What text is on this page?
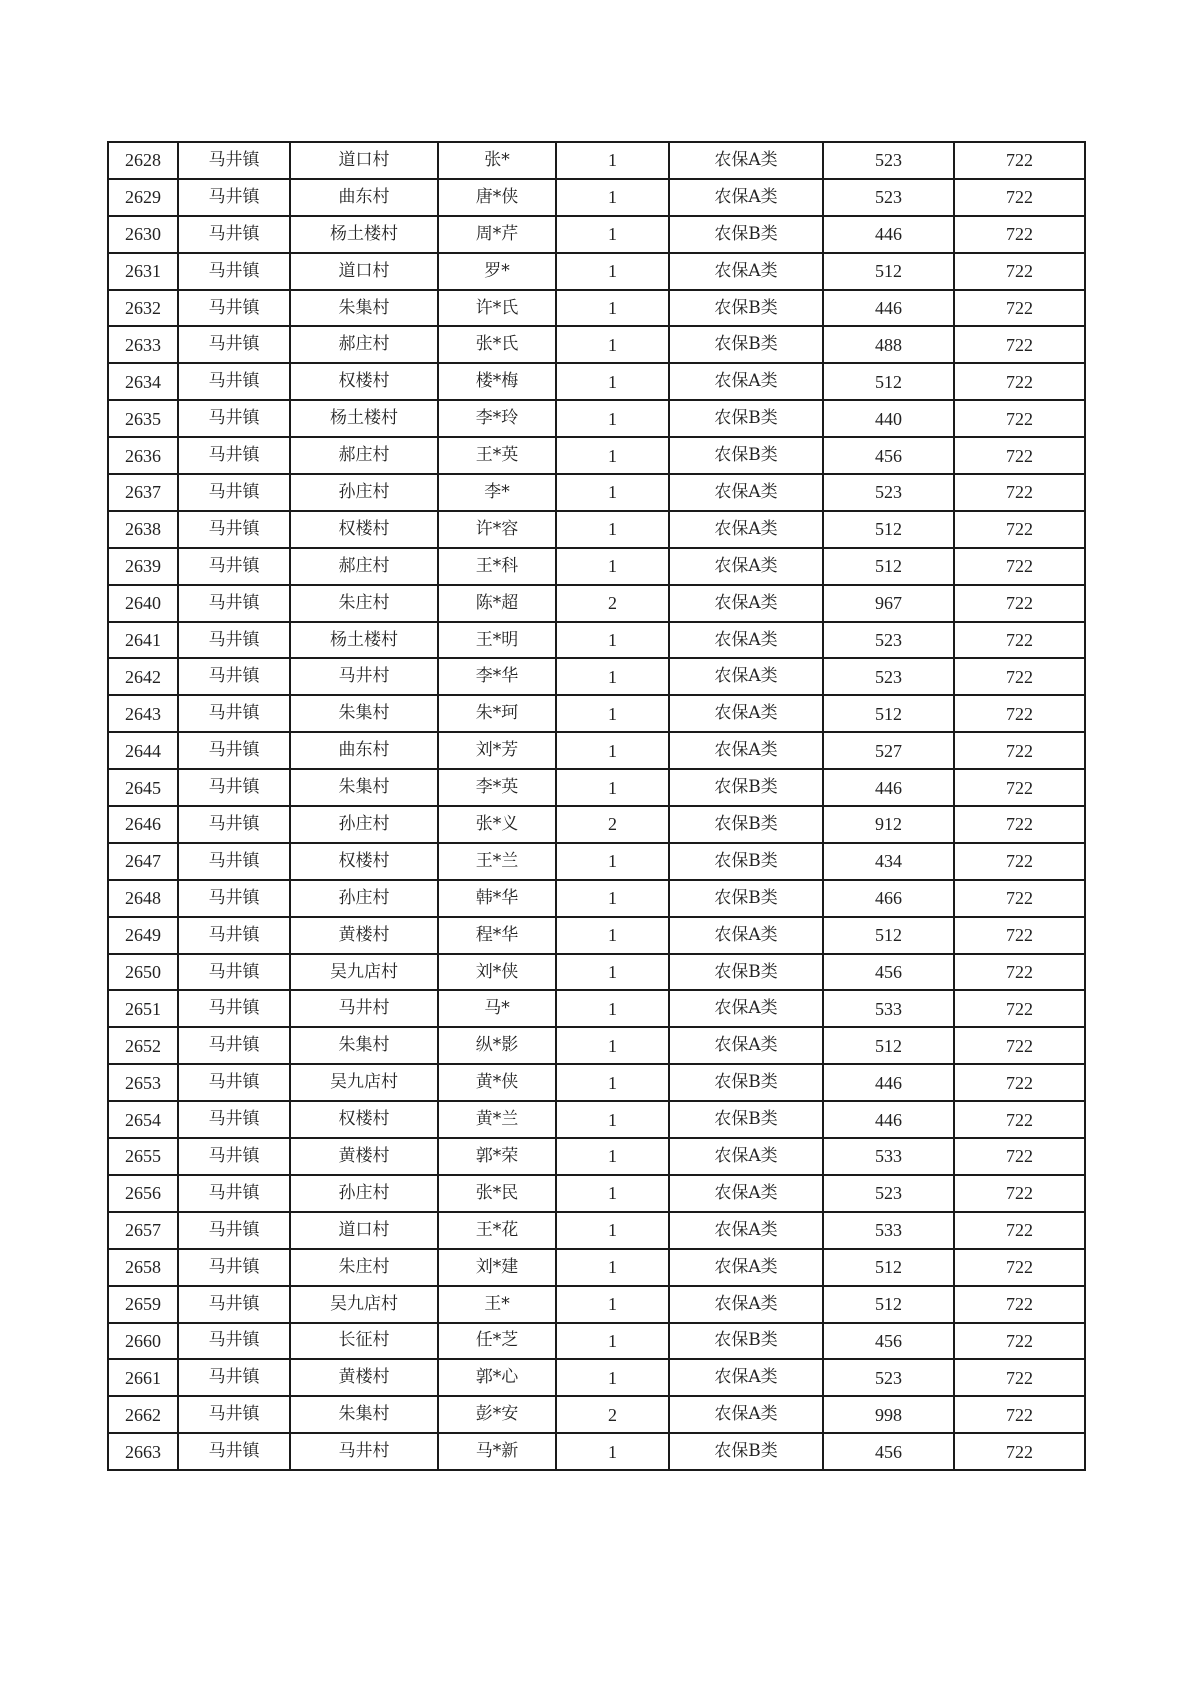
2628	马井镇	道口村	张*	1	农保A类	523	722
2629	马井镇	曲东村	唐*侠	1	农保A类	523	722
2630	马井镇	杨土楼村	周*芹	1	农保B类	446	722
2631	马井镇	道口村	罗*	1	农保A类	512	722
2632	马井镇	朱集村	许*氏	1	农保B类	446	722
2633	马井镇	郝庄村	张*氏	1	农保B类	488	722
2634	马井镇	权楼村	楼*梅	1	农保A类	512	722
2635	马井镇	杨土楼村	李*玲	1	农保B类	440	722
2636	马井镇	郝庄村	王*英	1	农保B类	456	722
2637	马井镇	孙庄村	李*	1	农保A类	523	722
2638	马井镇	权楼村	许*容	1	农保A类	512	722
2639	马井镇	郝庄村	王*科	1	农保A类	512	722
2640	马井镇	朱庄村	陈*超	2	农保A类	967	722
2641	马井镇	杨土楼村	王*明	1	农保A类	523	722
2642	马井镇	马井村	李*华	1	农保A类	523	722
2643	马井镇	朱集村	朱*珂	1	农保A类	512	722
2644	马井镇	曲东村	刘*芳	1	农保A类	527	722
2645	马井镇	朱集村	李*英	1	农保B类	446	722
2646	马井镇	孙庄村	张*义	2	农保B类	912	722
2647	马井镇	权楼村	王*兰	1	农保B类	434	722
2648	马井镇	孙庄村	韩*华	1	农保B类	466	722
2649	马井镇	黄楼村	程*华	1	农保A类	512	722
2650	马井镇	吴九店村	刘*侠	1	农保B类	456	722
2651	马井镇	马井村	马*	1	农保A类	533	722
2652	马井镇	朱集村	纵*影	1	农保A类	512	722
2653	马井镇	吴九店村	黄*侠	1	农保B类	446	722
2654	马井镇	权楼村	黄*兰	1	农保B类	446	722
2655	马井镇	黄楼村	郭*荣	1	农保A类	533	722
2656	马井镇	孙庄村	张*民	1	农保A类	523	722
2657	马井镇	道口村	王*花	1	农保A类	533	722
2658	马井镇	朱庄村	刘*建	1	农保A类	512	722
2659	马井镇	吴九店村	王*	1	农保A类	512	722
2660	马井镇	长征村	任*芝	1	农保B类	456	722
2661	马井镇	黄楼村	郭*心	1	农保A类	523	722
2662	马井镇	朱集村	彭*安	2	农保A类	998	722
2663	马井镇	马井村	马*新	1	农保B类	456	722
